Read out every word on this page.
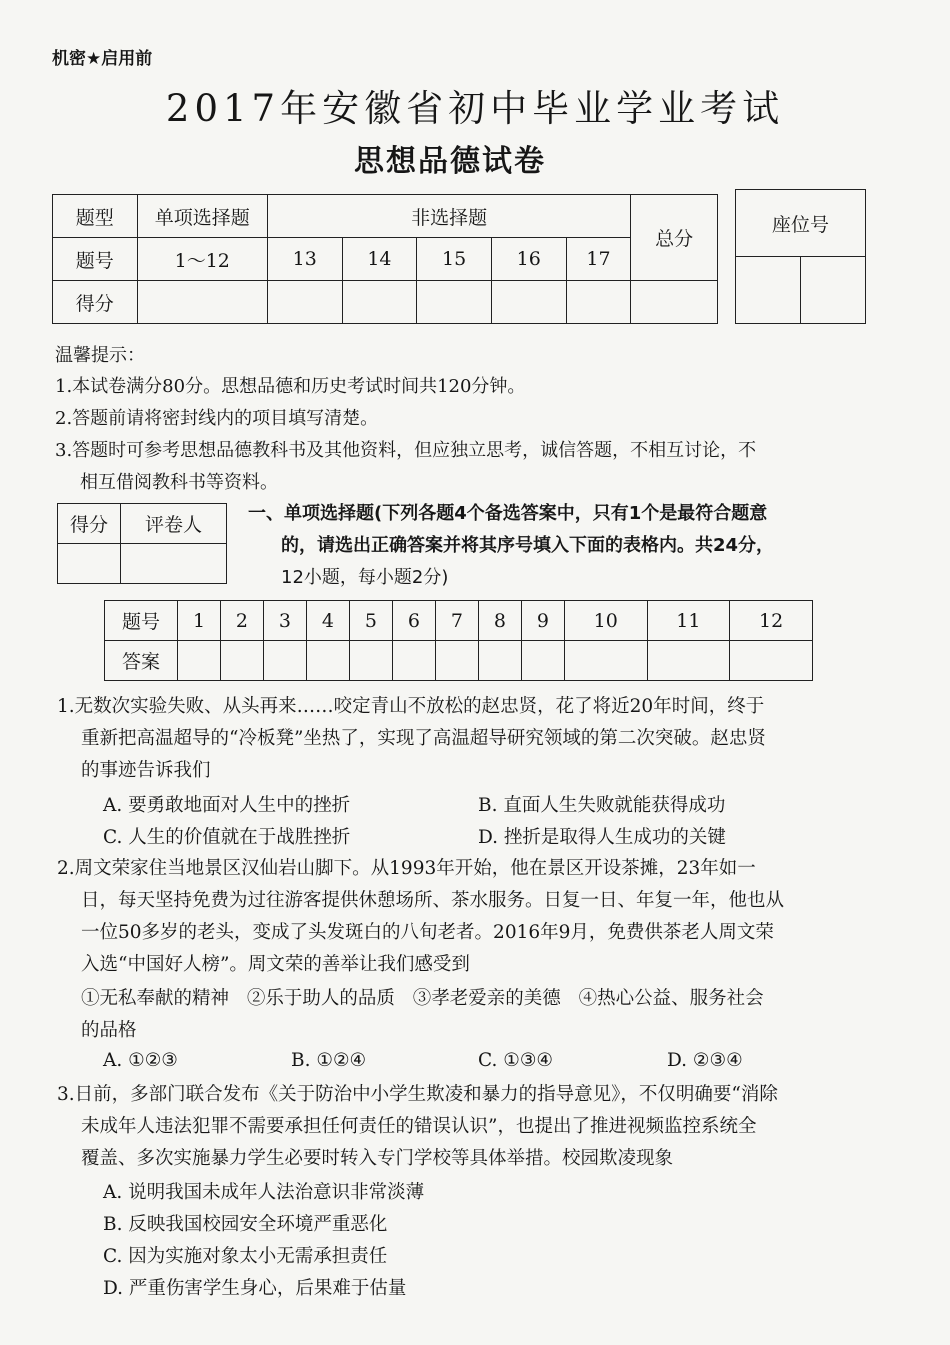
机密★启用前
2017年安徽省初中毕业学业考试
思想品德试卷
题型	单项选择题	非选择题					总分
题号	1～12	13	14	15	16	17	
得分							
座位号

温馨提示：
1.本试卷满分80分。思想品德和历史考试时间共120分钟。
2.答题前请将密封线内的项目填写清楚。
3.答题时可参考思想品德教科书及其他资料，但应独立思考，诚信答题，不相互讨论，不
相互借阅教科书等资料。
得分	评卷人

一、单项选择题(下列各题4个备选答案中，只有1个是最符合题意
的，请选出正确答案并将其序号填入下面的表格内。共24分，
12小题，每小题2分)
题号	1	2	3	4	5	6	7	8	9	10	11	12
答案												
1.无数次实验失败、从头再来……咬定青山不放松的赵忠贤，花了将近20年时间，终于
重新把高温超导的“冷板凳”坐热了，实现了高温超导研究领域的第二次突破。赵忠贤
的事迹告诉我们
A. 要勇敢地面对人生中的挫折	B. 直面人生失败就能获得成功
C. 人生的价值就在于战胜挫折	D. 挫折是取得人生成功的关键
2.周文荣家住当地景区汉仙岩山脚下。从1993年开始，他在景区开设茶摊，23年如一
日，每天坚持免费为过往游客提供休憩场所、茶水服务。日复一日、年复一年，他也从
一位50多岁的老头，变成了头发斑白的八旬老者。2016年9月，免费供茶老人周文荣
入选“中国好人榜”。周文荣的善举让我们感受到
①无私奉献的精神 ②乐于助人的品质 ③孝老爱亲的美德 ④热心公益、服务社会
的品格
A. ①②③	B. ①②④	C. ①③④	D. ②③④
3.日前，多部门联合发布《关于防治中小学生欺凌和暴力的指导意见》，不仅明确要“消除
未成年人违法犯罪不需要承担任何责任的错误认识”，也提出了推进视频监控系统全
覆盖、多次实施暴力学生必要时转入专门学校等具体举措。校园欺凌现象
A. 说明我国未成年人法治意识非常淡薄
B. 反映我国校园安全环境严重恶化
C. 因为实施对象太小无需承担责任
D. 严重伤害学生身心，后果难于估量
